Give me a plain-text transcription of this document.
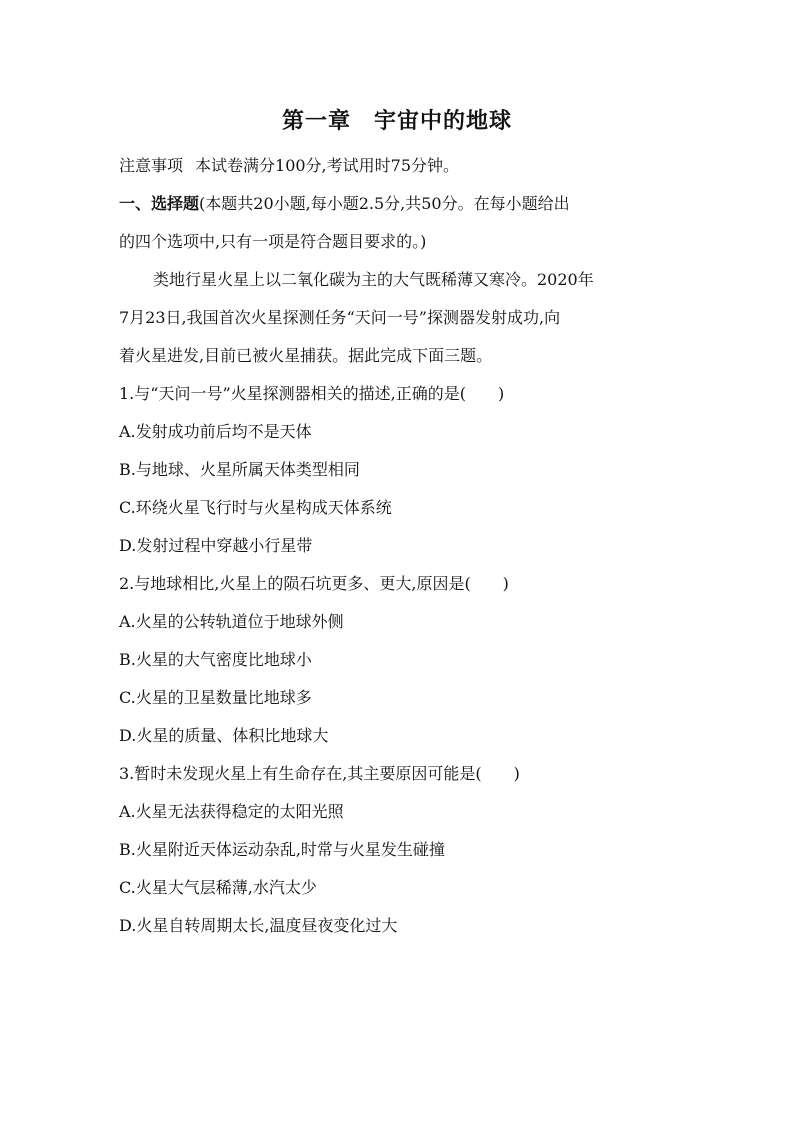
第一章　宇宙中的地球
注意事项 本试卷满分100分,考试用时75分钟。
一、选择题(本题共20小题,每小题2.5分,共50分。在每小题给出
的四个选项中,只有一项是符合题目要求的。)
类地行星火星上以二氧化碳为主的大气既稀薄又寒冷。2020年
7月23日,我国首次火星探测任务“天问一号”探测器发射成功,向
着火星进发,目前已被火星捕获。据此完成下面三题。
1.与“天问一号”火星探测器相关的描述,正确的是(　　)
A.发射成功前后均不是天体
B.与地球、火星所属天体类型相同
C.环绕火星飞行时与火星构成天体系统
D.发射过程中穿越小行星带
2.与地球相比,火星上的陨石坑更多、更大,原因是(　　)
A.火星的公转轨道位于地球外侧
B.火星的大气密度比地球小
C.火星的卫星数量比地球多
D.火星的质量、体积比地球大
3.暂时未发现火星上有生命存在,其主要原因可能是(　　)
A.火星无法获得稳定的太阳光照
B.火星附近天体运动杂乱,时常与火星发生碰撞
C.火星大气层稀薄,水汽太少
D.火星自转周期太长,温度昼夜变化过大
